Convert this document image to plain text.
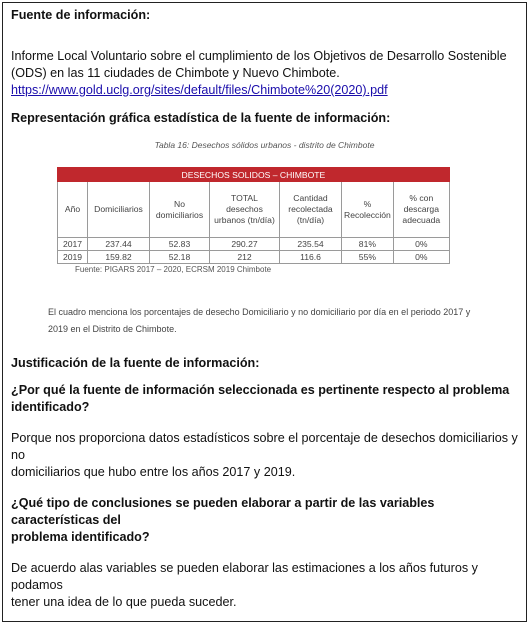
Fuente de información:
Informe Local Voluntario sobre el cumplimiento de los Objetivos de Desarrollo Sostenible
(ODS) en las 11 ciudades de Chimbote y Nuevo Chimbote.
https://www.gold.uclg.org/sites/default/files/Chimbote%20(2020).pdf
Representación gráfica estadística de la fuente de información:

Tabla 16: Desechos sólidos urbanos - distrito de Chimbote

DESECHOS SOLIDOS – CHIMBOTE						
Año	Domiciliarios	No domiciliarios	TOTAL desechos urbanos (tn/día)	Cantidad recolectada (tn/día)	% Recolección	% con descarga adecuada
2017	237.44	52.83	290.27	235.54	81%	0%
2019	159.82	52.18	212	116.6	55%	0%
Fuente: PIGARS 2017 – 2020, ECRSM 2019 Chimbote
El cuadro menciona los porcentajes de desecho Domiciliario y no domiciliario por día en el periodo 2017 y
2019 en el Distrito de Chimbote.
Justificación de la fuente de información:
¿Por qué la fuente de información seleccionada es pertinente respecto al problema
identificado?
Porque nos proporciona datos estadísticos sobre el porcentaje de desechos domiciliarios y no
domiciliarios que hubo entre los años 2017 y 2019.
¿Qué tipo de conclusiones se pueden elaborar a partir de las variables características del
problema identificado?
De acuerdo alas variables se pueden elaborar las estimaciones a los años futuros y podamos
tener una idea de lo que pueda suceder.
